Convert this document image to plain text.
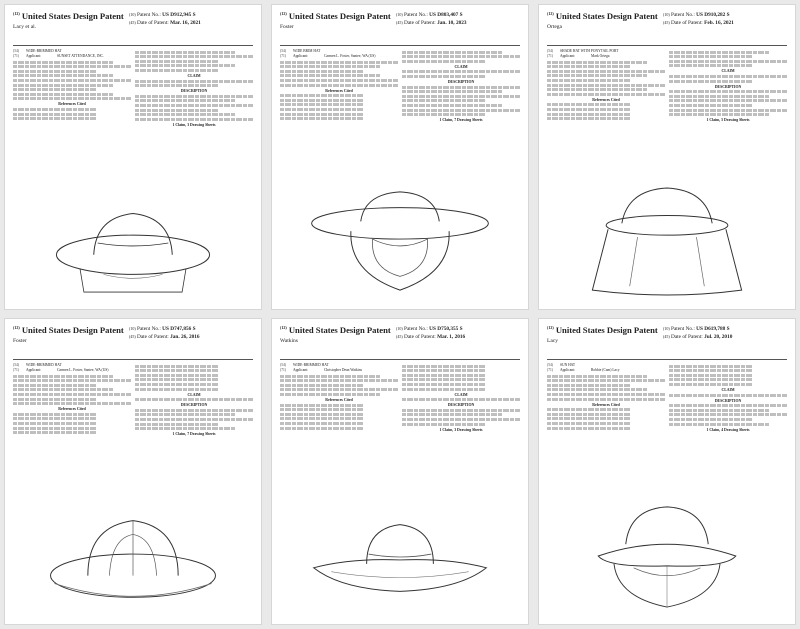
$^{(12)}$ United States Design Patent
Lacy et al.
$^{(10)}$ Patent No.: US D912,945 S
$^{(45)}$ Date of Patent: Mar. 16, 2021
(54)	WIDE-BRIMMED HAT
(71)	Applicant:	SUNSET ATTENDANCE, INC.
References Cited
CLAIM
DESCRIPTION
1 Claim, 3 Drawing Sheets
$^{(12)}$ United States Design Patent
Foster
$^{(10)}$ Patent No.: US D803,407 S
$^{(45)}$ Date of Patent: Jan. 10, 2023
(54)	WIDE BRIM HAT
(71)	Applicant:	Carmen L. Foster, Santee, WA (US)
References Cited
CLAIM
DESCRIPTION
1 Claim, 7 Drawing Sheets
$^{(12)}$ United States Design Patent
Ortega
$^{(10)}$ Patent No.: US D910,282 S
$^{(45)}$ Date of Patent: Feb. 16, 2021
(54)	SHADE HAT WITH PONYTAIL PORT
(71)	Applicant:	Mark Ortega
References Cited
CLAIM
DESCRIPTION
1 Claim, 5 Drawing Sheets
$^{(12)}$ United States Design Patent
Foster
$^{(10)}$ Patent No.: US D747,856 S
$^{(45)}$ Date of Patent: Jan. 26, 2016
(54)	WIDE-BRIMMED HAT
(71)	Applicant:	Carmen L. Foster, Santee, WA (US)
References Cited
CLAIM
DESCRIPTION
1 Claim, 7 Drawing Sheets
$^{(12)}$ United States Design Patent
Watkins
$^{(10)}$ Patent No.: US D750,355 S
$^{(45)}$ Date of Patent: Mar. 1, 2016
(54)	WIDE-BRIMMED HAT
(71)	Applicant:	Christopher Dean Watkins
References Cited
CLAIM
DESCRIPTION
1 Claim, 3 Drawing Sheets
$^{(12)}$ United States Design Patent
Lacy
$^{(10)}$ Patent No.: US D619,788 S
$^{(45)}$ Date of Patent: Jul. 20, 2010
(54)	SUN HAT
(71)	Applicant:	Robbie (Cam) Lacy
References Cited
CLAIM
DESCRIPTION
1 Claim, 4 Drawing Sheets
